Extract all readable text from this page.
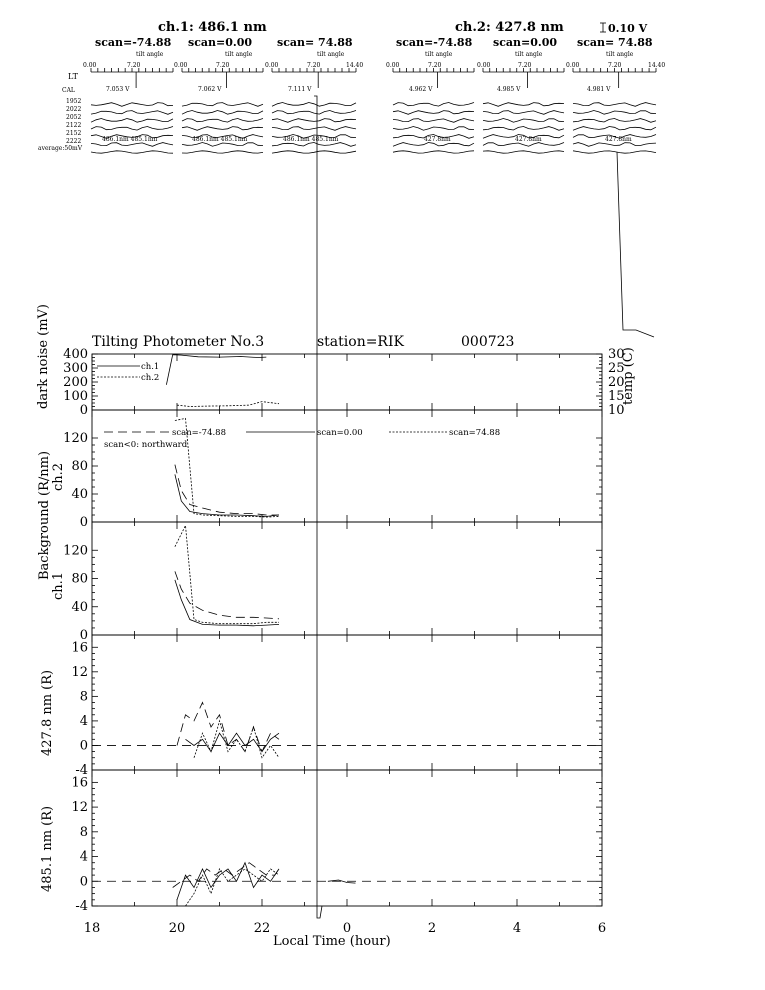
ch.1: 486.1 nm	ch.2: 427.8 nm	0.10 V
LT
CAL
1952
2022
2052
2122
2152
2222
average:50mV
0.00	7.20	0.00	7.20	0.00	7.20	14.40	0.00	7.20	0.00	7.20	0.00	7.20	14.40
tilt angle	tilt angle	tilt angle	tilt angle	tilt angle	tilt angle
scan=-74.88 scan=0.00 scan= 74.88	scan=-74.88 scan=0.00 scan= 74.88
7.053 V	7.062 V	7.111 V	4.962 V	4.985 V	4.981 V
486.1nm 485.1nm	486.1nm 485.1nm	486.1nm 485.1nm	427.8nm	427.8nm	427.8nm
Tilting Photometer No.3	station=RIK	000723
dark noise (mV)	temp (C)
Background (R/nm) ch.2
ch.1
427.8 nm (R)
485.1 nm (R)
Local Time (hour)
ch.1
ch.2
scan=-74.88	scan=0.00	scan=74.88
scan<0: northward
0
100
200
300
400
10
15
20
25
30
0
40
80
120
0
40
80
120
-4
0
4
8
12
16
-4
0
4
8
12
16
18	20	22	0	2	4	6
